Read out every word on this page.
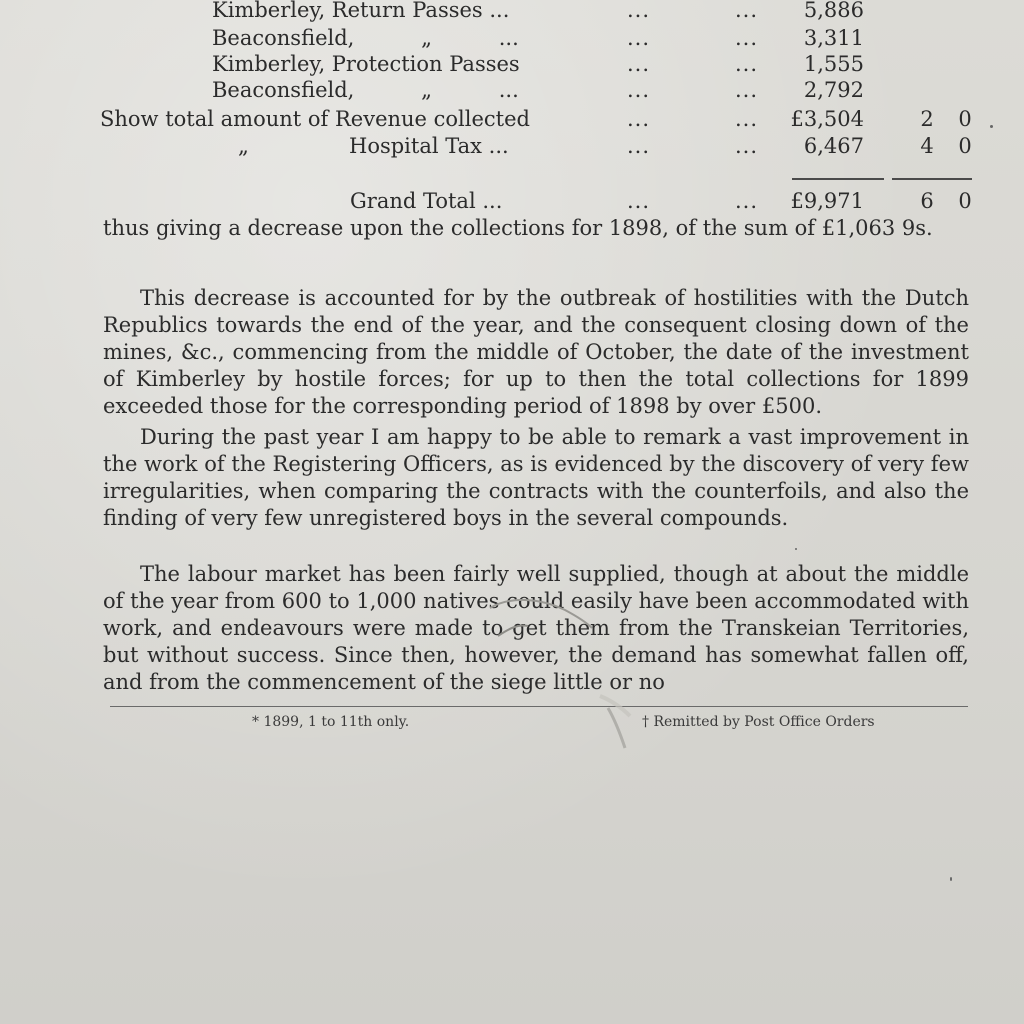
Kimberley, Return Passes ...	...	... 5,886
Beaconsfield,          „          ...	...	... 3,311
Kimberley, Protection Passes	...	... 1,555
Beaconsfield,          „          ...	...	... 2,792
Show total amount of Revenue collected	...	... £3,504	2 0
„               Hospital Tax ...	...	... 6,467	4 0
Grand Total ...	...	... £9,971	6 0
thus giving a decrease upon the collections for 1898, of the sum of £1,063 9s.
This decrease is accounted for by the outbreak of hostilities with the Dutch Republics towards the end of the year, and the consequent closing down of the mines, &c., commencing from the middle of October, the date of the investment of Kimberley by hostile forces; for up to then the total collections for 1899 exceeded those for the corresponding period of 1898 by over £500.
During the past year I am happy to be able to remark a vast improvement in the work of the Registering Officers, as is evidenced by the discovery of very few irregularities, when comparing the contracts with the counterfoils, and also the finding of very few unregistered boys in the several compounds.
The labour market has been fairly well supplied, though at about the middle of the year from 600 to 1,000 natives could easily have been accommodated with work, and endeavours were made to get them from the Transkeian Territories, but without success. Since then, however, the demand has somewhat fallen off, and from the commencement of the siege little or no
* 1899, 1 to 11th only.	† Remitted by Post Office Orders
